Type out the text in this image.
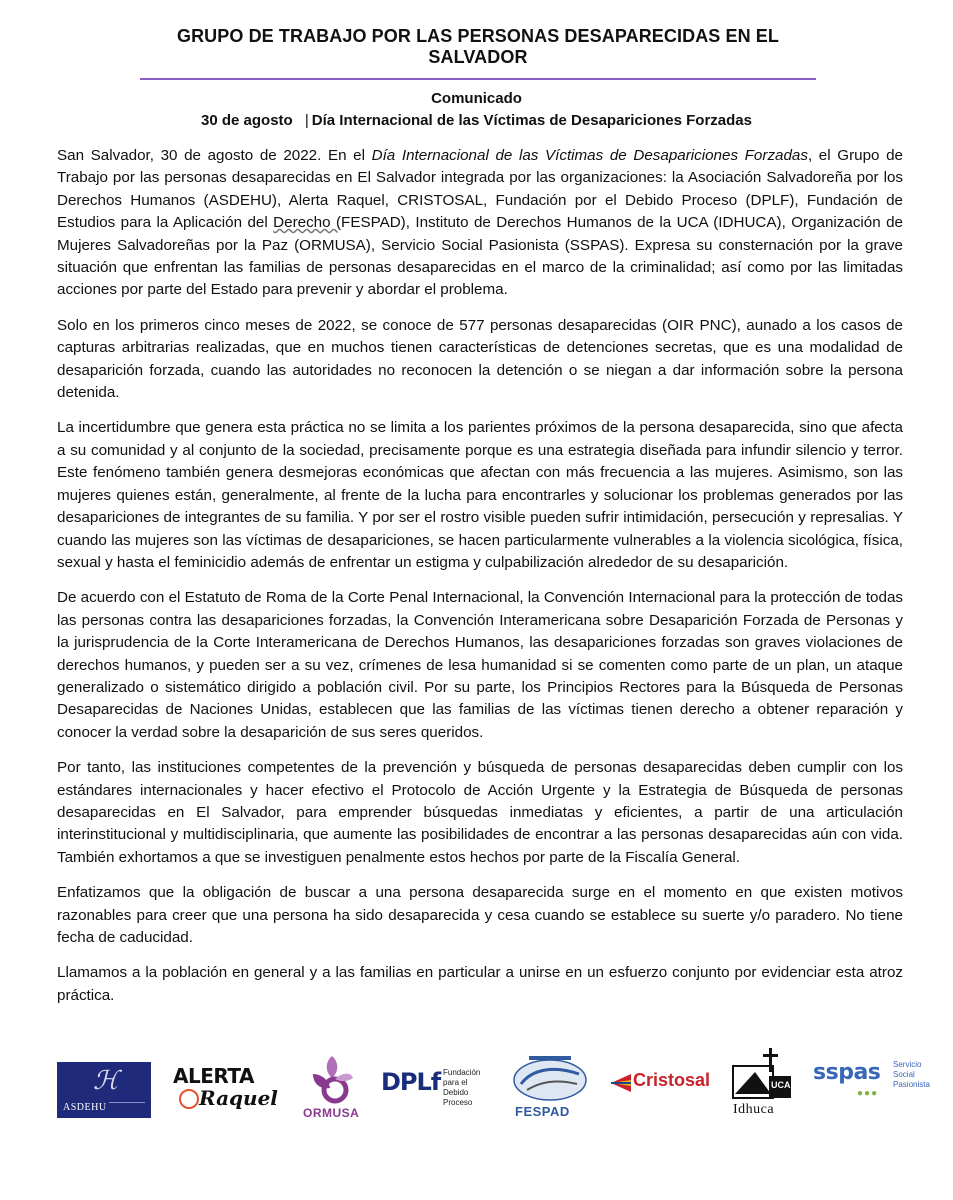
GRUPO DE TRABAJO POR LAS PERSONAS DESAPARECIDAS EN EL SALVADOR
Comunicado
30 de agosto | Día Internacional de las Víctimas de Desapariciones Forzadas

San Salvador, 30 de agosto de 2022. En el Día Internacional de las Víctimas de Desapariciones Forzadas, el Grupo de Trabajo por las personas desaparecidas en El Salvador integrada por las organizaciones: la Asociación Salvadoreña por los Derechos Humanos (ASDEHU), Alerta Raquel, CRISTOSAL, Fundación por el Debido Proceso (DPLF), Fundación de Estudios para la Aplicación del Derecho (FESPAD), Instituto de Derechos Humanos de la UCA (IDHUCA), Organización de Mujeres Salvadoreñas por la Paz (ORMUSA), Servicio Social Pasionista (SSPAS). Expresa su consternación por la grave situación que enfrentan las familias de personas desaparecidas en el marco de la criminalidad; así como por las limitadas acciones por parte del Estado para prevenir y abordar el problema.

Solo en los primeros cinco meses de 2022, se conoce de 577 personas desaparecidas (OIR PNC), aunado a los casos de capturas arbitrarias realizadas, que en muchos tienen características de detenciones secretas, que es una modalidad de desaparición forzada, cuando las autoridades no reconocen la detención o se niegan a dar información sobre la persona detenida.

La incertidumbre que genera esta práctica no se limita a los parientes próximos de la persona desaparecida, sino que afecta a su comunidad y al conjunto de la sociedad, precisamente porque es una estrategia diseñada para infundir silencio y terror. Este fenómeno también genera desmejoras económicas que afectan con más frecuencia a las mujeres. Asimismo, son las mujeres quienes están, generalmente, al frente de la lucha para encontrarles y solucionar los problemas generados por las desapariciones de integrantes de su familia. Y por ser el rostro visible pueden sufrir intimidación, persecución y represalias. Y cuando las mujeres son las víctimas de desapariciones, se hacen particularmente vulnerables a la violencia sicológica, física, sexual y hasta el feminicidio además de enfrentar un estigma y culpabilización alrededor de su desaparición.

De acuerdo con el Estatuto de Roma de la Corte Penal Internacional, la Convención Internacional para la protección de todas las personas contra las desapariciones forzadas, la Convención Interamericana sobre Desaparición Forzada de Personas y la jurisprudencia de la Corte Interamericana de Derechos Humanos, las desapariciones forzadas son graves violaciones de derechos humanos, y pueden ser a su vez, crímenes de lesa humanidad si se comenten como parte de un plan, un ataque generalizado o sistemático dirigido a población civil. Por su parte, los Principios Rectores para la Búsqueda de Personas Desaparecidas de Naciones Unidas, establecen que las familias de las víctimas tienen derecho a obtener reparación y conocer la verdad sobre la desaparición de sus seres queridos.

Por tanto, las instituciones competentes de la prevención y búsqueda de personas desaparecidas deben cumplir con los estándares internacionales y hacer efectivo el Protocolo de Acción Urgente y la Estrategia de Búsqueda de personas desaparecidas en El Salvador, para emprender búsquedas inmediatas y eficientes, a partir de una articulación interinstitucional y multidisciplinaria, que aumente las posibilidades de encontrar a las personas desaparecidas aún con vida. También exhortamos a que se investiguen penalmente estos hechos por parte de la Fiscalía General.

Enfatizamos que la obligación de buscar a una persona desaparecida surge en el momento en que existen motivos razonables para creer que una persona ha sido desaparecida y cesa cuando se establece su suerte y/o paradero. No tiene fecha de caducidad.

Llamamos a la población en general y a las familias en particular a unirse en un esfuerzo conjunto por evidenciar esta atroz práctica.

ℋ
ASDEHU
ALERTA
Raquel
ORMUSA
DPLf Fundación
para el Debido
Proceso
FESPAD
Cristosal	UCA
Idhuca
sspas
●●●
Servicio
Social
Pasionista
